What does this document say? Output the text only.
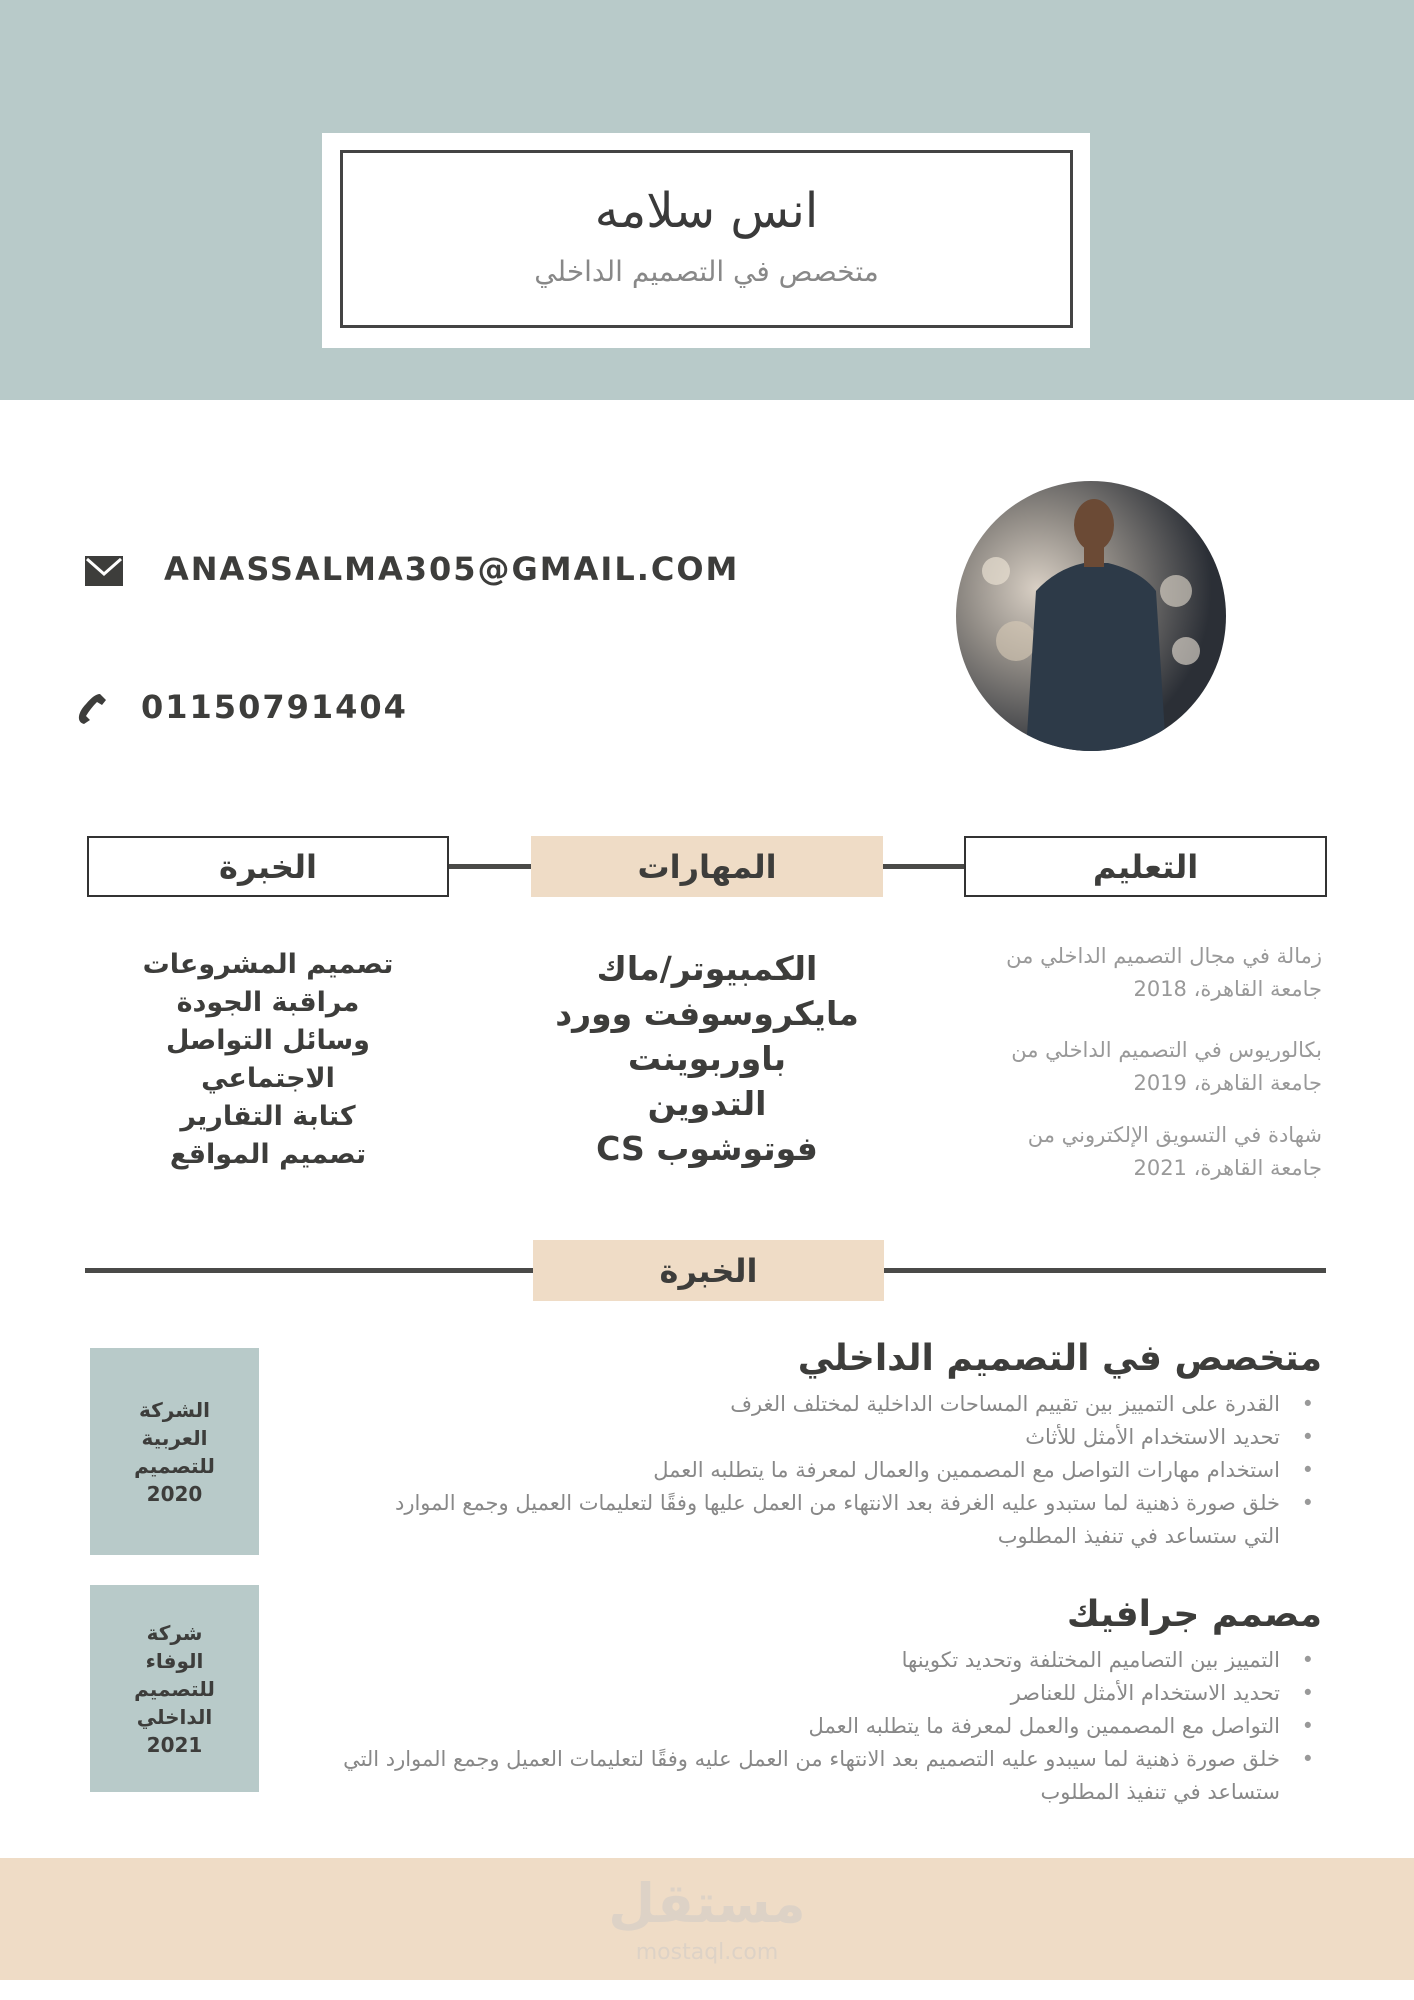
انس سلامه
متخصص في التصميم الداخلي
ANASSALMA305@GMAIL.COM
01150791404
الخبرة	المهارات	التعليم
تصميم المشروعات
مراقبة الجودة
وسائل التواصل
الاجتماعي
كتابة التقارير
تصميم المواقع
الكمبيوتر/ماك
مايكروسوفت وورد
باوربوينت
التدوين
فوتوشوب CS
زمالة في مجال التصميم الداخلي من
جامعة القاهرة، 2018
بكالوريوس في التصميم الداخلي من
جامعة القاهرة، 2019
شهادة في التسويق الإلكتروني من
جامعة القاهرة، 2021
الخبرة
الشركة
العربية
للتصميم
2020
متخصص في التصميم الداخلي
• القدرة على التمييز بين تقييم المساحات الداخلية لمختلف الغرف
• تحديد الاستخدام الأمثل للأثاث
• استخدام مهارات التواصل مع المصممين والعمال لمعرفة ما يتطلبه العمل
• خلق صورة ذهنية لما ستبدو عليه الغرفة بعد الانتهاء من العمل عليها وفقًا لتعليمات العميل وجمع الموارد التي ستساعد في تنفيذ المطلوب
شركة
الوفاء
للتصميم
الداخلي
2021
مصمم جرافيك
• التمييز بين التصاميم المختلفة وتحديد تكوينها
• تحديد الاستخدام الأمثل للعناصر
• التواصل مع المصممين والعمل لمعرفة ما يتطلبه العمل
• خلق صورة ذهنية لما سيبدو عليه التصميم بعد الانتهاء من العمل عليه وفقًا لتعليمات العميل وجمع الموارد التي ستساعد في تنفيذ المطلوب
مستقل
mostaql.com
